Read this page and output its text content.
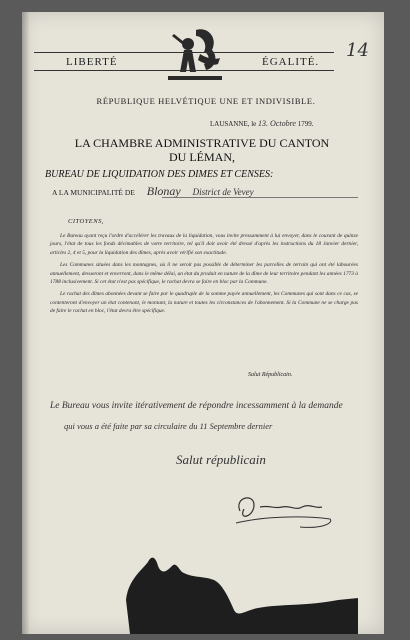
LIBERTÉ	ÉGALITÉ.
14
RÉPUBLIQUE HELVÉTIQUE UNE ET INDIVISIBLE.
LAUSANNE, le 13. Octobre 1799.
LA CHAMBRE ADMINISTRATIVE DU CANTON
DU LÉMAN,
BUREAU DE LIQUIDATION DES DIMES ET CENSES:
A LA MUNICIPALITÉ DE Blonay District de Vevey
CITOYENS,

Le Bureau ayant reçu l'ordre d'accélérer les travaux de la liquidation, vous invite pressamment à lui envoyer, dans le courant de quinze jours, l'état de tous les fonds décimables de votre territoire, tel qu'il doit avoir été dressé d'après les instructions du 18 Janvier dernier, articles 2, 4 et 5, pour la liquidation des dîmes, après avoir vérifié son exactitude.

Les Communes situées dans les montagnes, où il ne seroit pas possible de déterminer les parcelles de terrain qui ont été labourées annuellement, devueront et enverront, dans le même délai, un état du produit en nature de la dîme de leur territoire pendant les années 1773 à 1788 inclusivement. Si cet état n'est pas spécifique, le rachat devra se faire en bloc par la Commune.

Le rachat des dîmes abonnées devant se faire par le quadruple de la somme payée annuellement, les Communes qui sont dans ce cas, se contenteront d'envoyer un état contenant, le montant, la nature et toutes les circonstances de l'abonnement. Si la Commune ne se charge pas de faire le rachat en bloc, l'état devra être spécifique.

Salut Républicain.
Le Bureau vous invite itérativement de répondre incessamment à la demande
qui vous a été faite par sa circulaire du 11 Septembre dernier
Salut républicain
